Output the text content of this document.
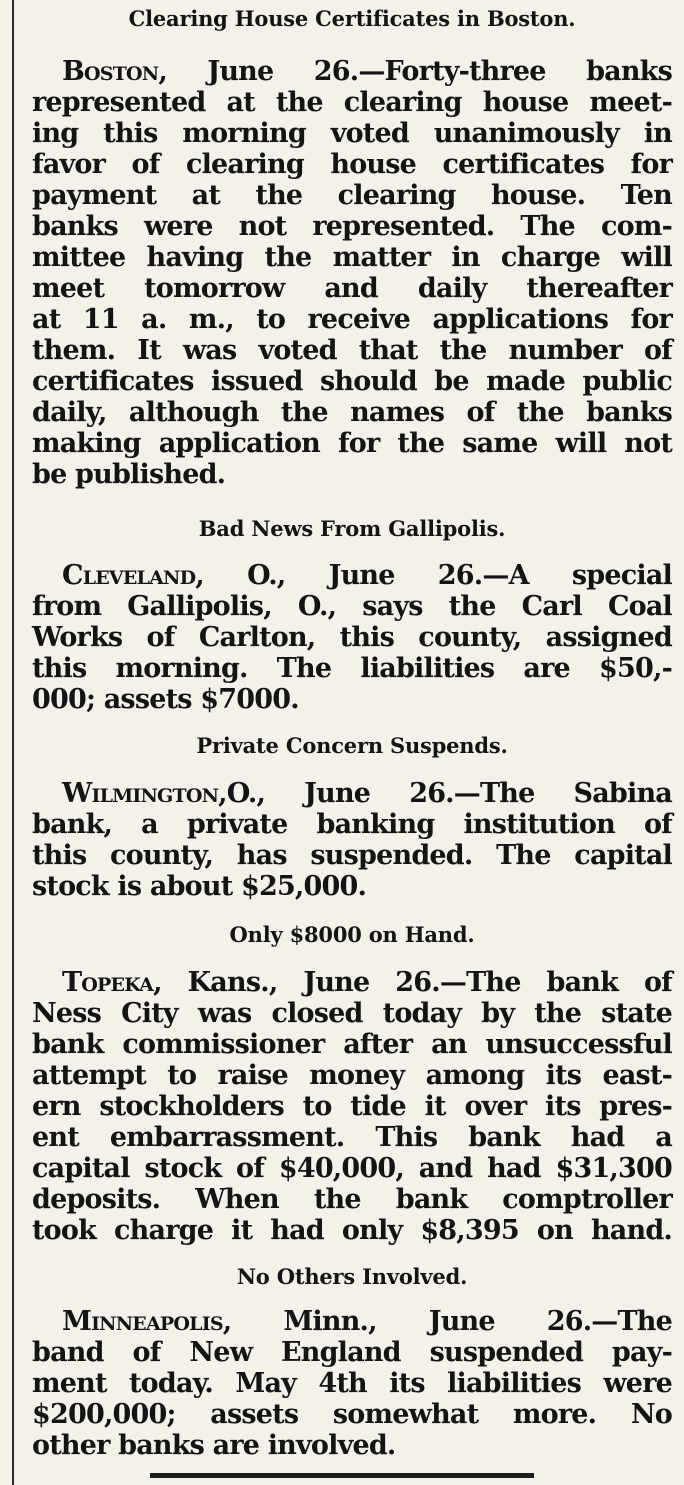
Clearing House Certificates in Boston.
Boston, June 26.—Forty-three banks
represented at the clearing house meet-
ing this morning voted unanimously in
favor of clearing house certificates for
payment at the clearing house. Ten
banks were not represented. The com-
mittee having the matter in charge will
meet tomorrow and daily thereafter
at 11 a. m., to receive applications for
them. It was voted that the number of
certificates issued should be made public
daily, although the names of the banks
making application for the same will not
be published.
Bad News From Gallipolis.
Cleveland, O., June 26.—A special
from Gallipolis, O., says the Carl Coal
Works of Carlton, this county, assigned
this morning. The liabilities are $50,-
000; assets $7000.
Private Concern Suspends.
Wilmington,O., June 26.—The Sabina
bank, a private banking institution of
this county, has suspended. The capital
stock is about $25,000.
Only $8000 on Hand.
Topeka, Kans., June 26.—The bank of
Ness City was closed today by the state
bank commissioner after an unsuccessful
attempt to raise money among its east-
ern stockholders to tide it over its pres-
ent embarrassment. This bank had a
capital stock of $40,000, and had $31,300
deposits. When the bank comptroller
took charge it had only $8,395 on hand.
No Others Involved.
Minneapolis, Minn., June 26.—The
band of New England suspended pay-
ment today. May 4th its liabilities were
$200,000; assets somewhat more. No
other banks are involved.
